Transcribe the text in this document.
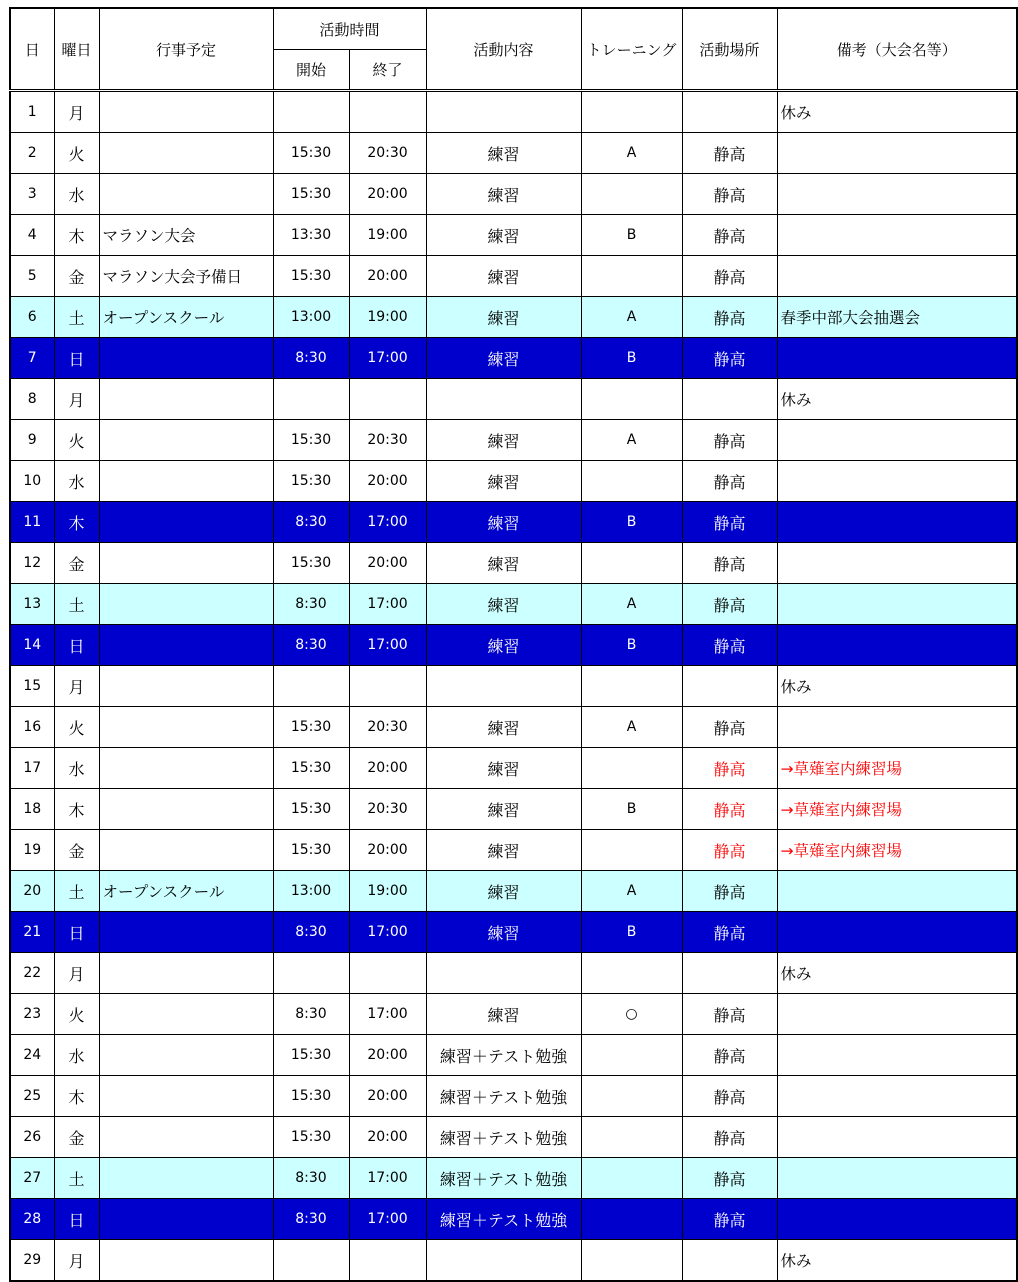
日	曜日	行事予定	活動時間		活動内容	トレーニング	活動場所	備考（大会名等）
			開始	終了				
1	月							休み
2	火		15:30	20:30	練習	A	静高	
3	水		15:30	20:00	練習		静高	
4	木	マラソン大会	13:30	19:00	練習	B	静高	
5	金	マラソン大会予備日	15:30	20:00	練習		静高	
6	土	オープンスクール	13:00	19:00	練習	A	静高	春季中部大会抽選会
7	日		8:30	17:00	練習	B	静高	
8	月							休み
9	火		15:30	20:30	練習	A	静高	
10	水		15:30	20:00	練習		静高	
11	木		8:30	17:00	練習	B	静高	
12	金		15:30	20:00	練習		静高	
13	土		8:30	17:00	練習	A	静高	
14	日		8:30	17:00	練習	B	静高	
15	月							休み
16	火		15:30	20:30	練習	A	静高	
17	水		15:30	20:00	練習		静高	→草薙室内練習場
18	木		15:30	20:30	練習	B	静高	→草薙室内練習場
19	金		15:30	20:00	練習		静高	→草薙室内練習場
20	土	オープンスクール	13:00	19:00	練習	A	静高	
21	日		8:30	17:00	練習	B	静高	
22	月							休み
23	火		8:30	17:00	練習	○	静高	
24	水		15:30	20:00	練習＋テスト勉強		静高	
25	木		15:30	20:00	練習＋テスト勉強		静高	
26	金		15:30	20:00	練習＋テスト勉強		静高	
27	土		8:30	17:00	練習＋テスト勉強		静高	
28	日		8:30	17:00	練習＋テスト勉強		静高	
29	月							休み
